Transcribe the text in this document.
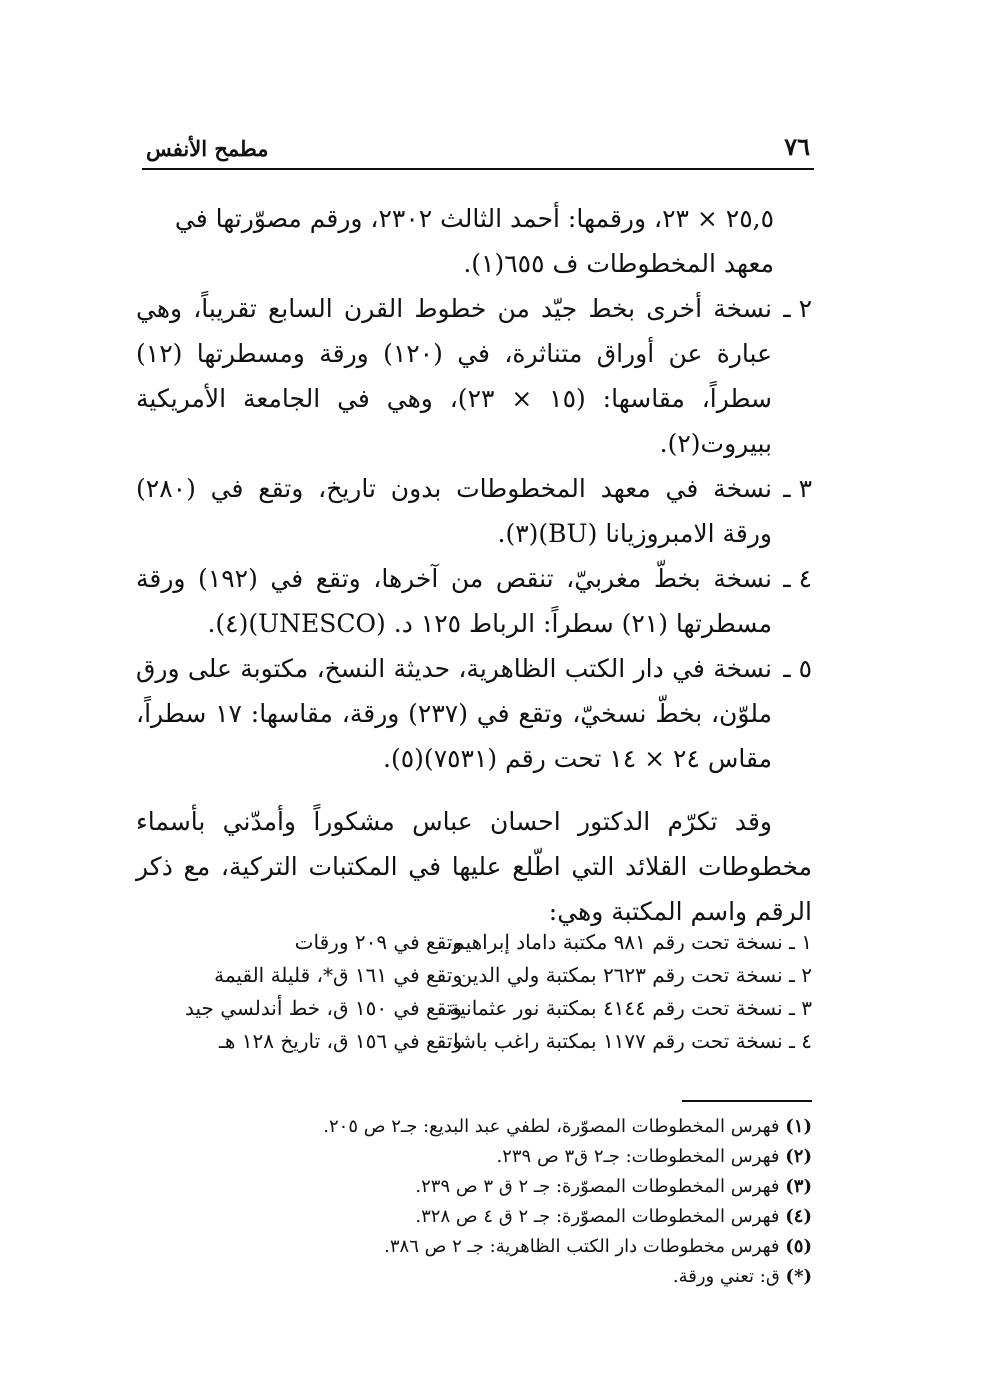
٧٦
مطمح الأنفس

٢٥,٥ × ٢٣، ورقمها: أحمد الثالث ٢٣٠٢، ورقم مصوّرتها في

معهد المخطوطات ف ٦٥٥(١).

٢ ـ
نسخة أخرى بخط جيّد من خطوط القرن السابع تقريباً، وهي عبارة عن أوراق متناثرة، في (١٢٠) ورقة ومسطرتها (١٢) سطراً، مقاسها: (١٥ × ٢٣)، وهي في الجامعة الأمريكية ببيروت(٢).
٣ ـ
نسخة في معهد المخطوطات بدون تاريخ، وتقع في (٢٨٠) ورقة الامبروزيانا (BU)(٣).
٤ ـ
نسخة بخطّ مغربيّ، تنقص من آخرها، وتقع في (١٩٢) ورقة مسطرتها (٢١) سطراً: الرباط ١٢٥ د. (UNESCO)(٤).
٥ ـ
نسخة في دار الكتب الظاهرية، حديثة النسخ، مكتوبة على ورق ملوّن، بخطّ نسخيّ، وتقع في (٢٣٧) ورقة، مقاسها: ١٧ سطراً، مقاس ٢٤ × ١٤ تحت رقم (٧٥٣١)(٥).

وقد تكرّم الدكتور احسان عباس مشكوراً وأمدّني بأسماء مخطوطات القلائد التي اطّلع عليها في المكتبات التركية، مع ذكر الرقم واسم المكتبة وهي:

١ ـ نسخة تحت رقم ٩٨١ مكتبة داماد إبراهيم
وتقع في ٢٠٩ ورقات
٢ ـ نسخة تحت رقم ٢٦٢٣ بمكتبة ولي الدين
وتقع في ١٦١ ق*، قليلة القيمة
٣ ـ نسخة تحت رقم ٤١٤٤ بمكتبة نور عثمانية
وتقع في ١٥٠ ق، خط أندلسي جيد
٤ ـ نسخة تحت رقم ١١٧٧ بمكتبة راغب باشا
وتقع في ١٥٦ ق، تاريخ ١٢٨ هـ
(١) فهرس المخطوطات المصوّرة، لطفي عبد البديع: جـ٢ ص ٢٠٥.
(٢) فهرس المخطوطات: جـ٢ ق٣ ص ٢٣٩.
(٣) فهرس المخطوطات المصوّرة: جـ ٢ ق ٣ ص ٢٣٩.
(٤) فهرس المخطوطات المصوّرة: جـ ٢ ق ٤ ص ٣٢٨.
(٥) فهرس مخطوطات دار الكتب الظاهرية: جـ ٢ ص ٣٨٦.
(*) ق: تعني ورقة.
